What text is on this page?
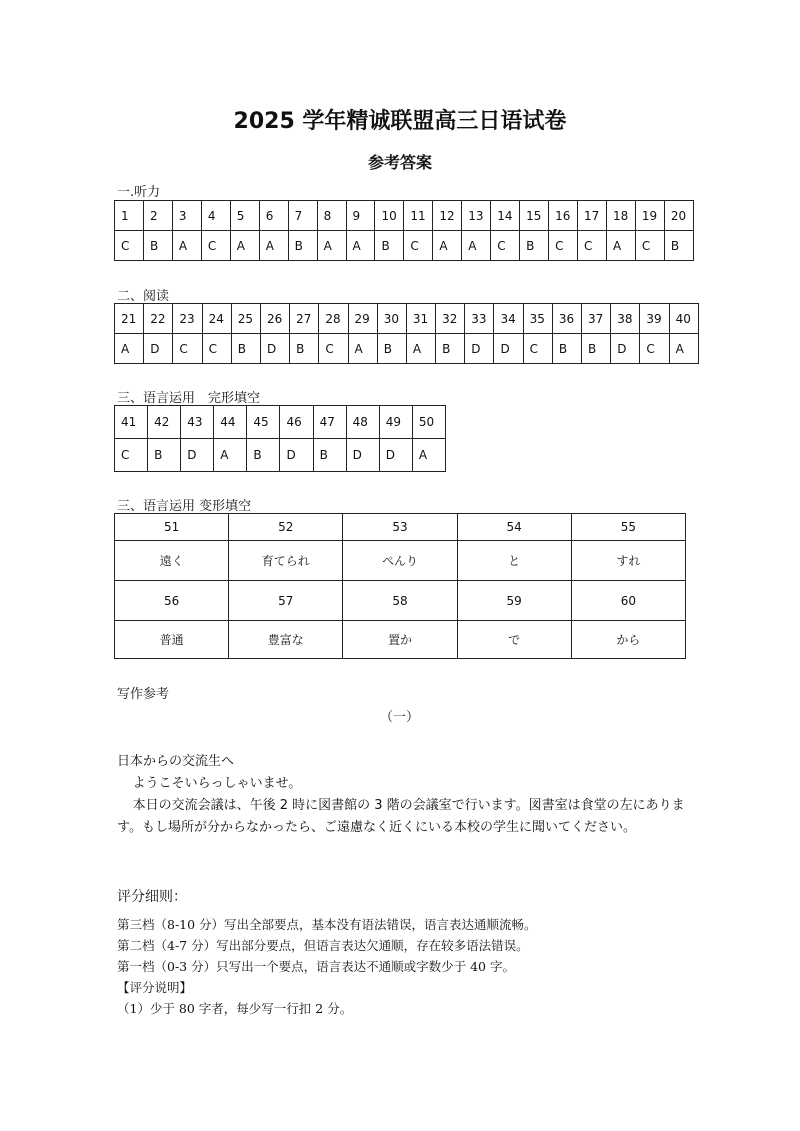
2025 学年精诚联盟高三日语试卷
参考答案
一.听力
1	2	3	4	5	6	7	8	9	10	11	12	13	14	15	16	17	18	19	20
C	B	A	C	A	A	B	A	A	B	C	A	A	C	B	C	C	A	C	B
二、阅读
21	22	23	24	25	26	27	28	29	30	31	32	33	34	35	36	37	38	39	40
A	D	C	C	B	D	B	C	A	B	A	B	D	D	C	B	B	D	C	A
三、语言运用　完形填空
41	42	43	44	45	46	47	48	49	50
C	B	D	A	B	D	B	D	D	A
三、语言运用 变形填空
51	52	53	54	55
遠く	育てられ	ぺんり	と	すれ
56	57	58	59	60
普通	豊富な	置か	で	から
写作参考
（一）

日本からの交流生へ

ようこそいらっしゃいませ。

本日の交流会議は、午後 2 時に図書館の 3 階の会議室で行います。図書室は食堂の左にあります。もし場所が分からなかったら、ご遠慮なく近くにいる本校の学生に聞いてください。

评分细则：

第三档（8-10 分）写出全部要点，基本没有语法错误，语言表达通顺流畅。

第二档（4-7 分）写出部分要点，但语言表达欠通顺，存在较多语法错误。

第一档（0-3 分）只写出一个要点，语言表达不通顺或字数少于 40 字。

【评分说明】

（1）少于 80 字者，每少写一行扣 2 分。
